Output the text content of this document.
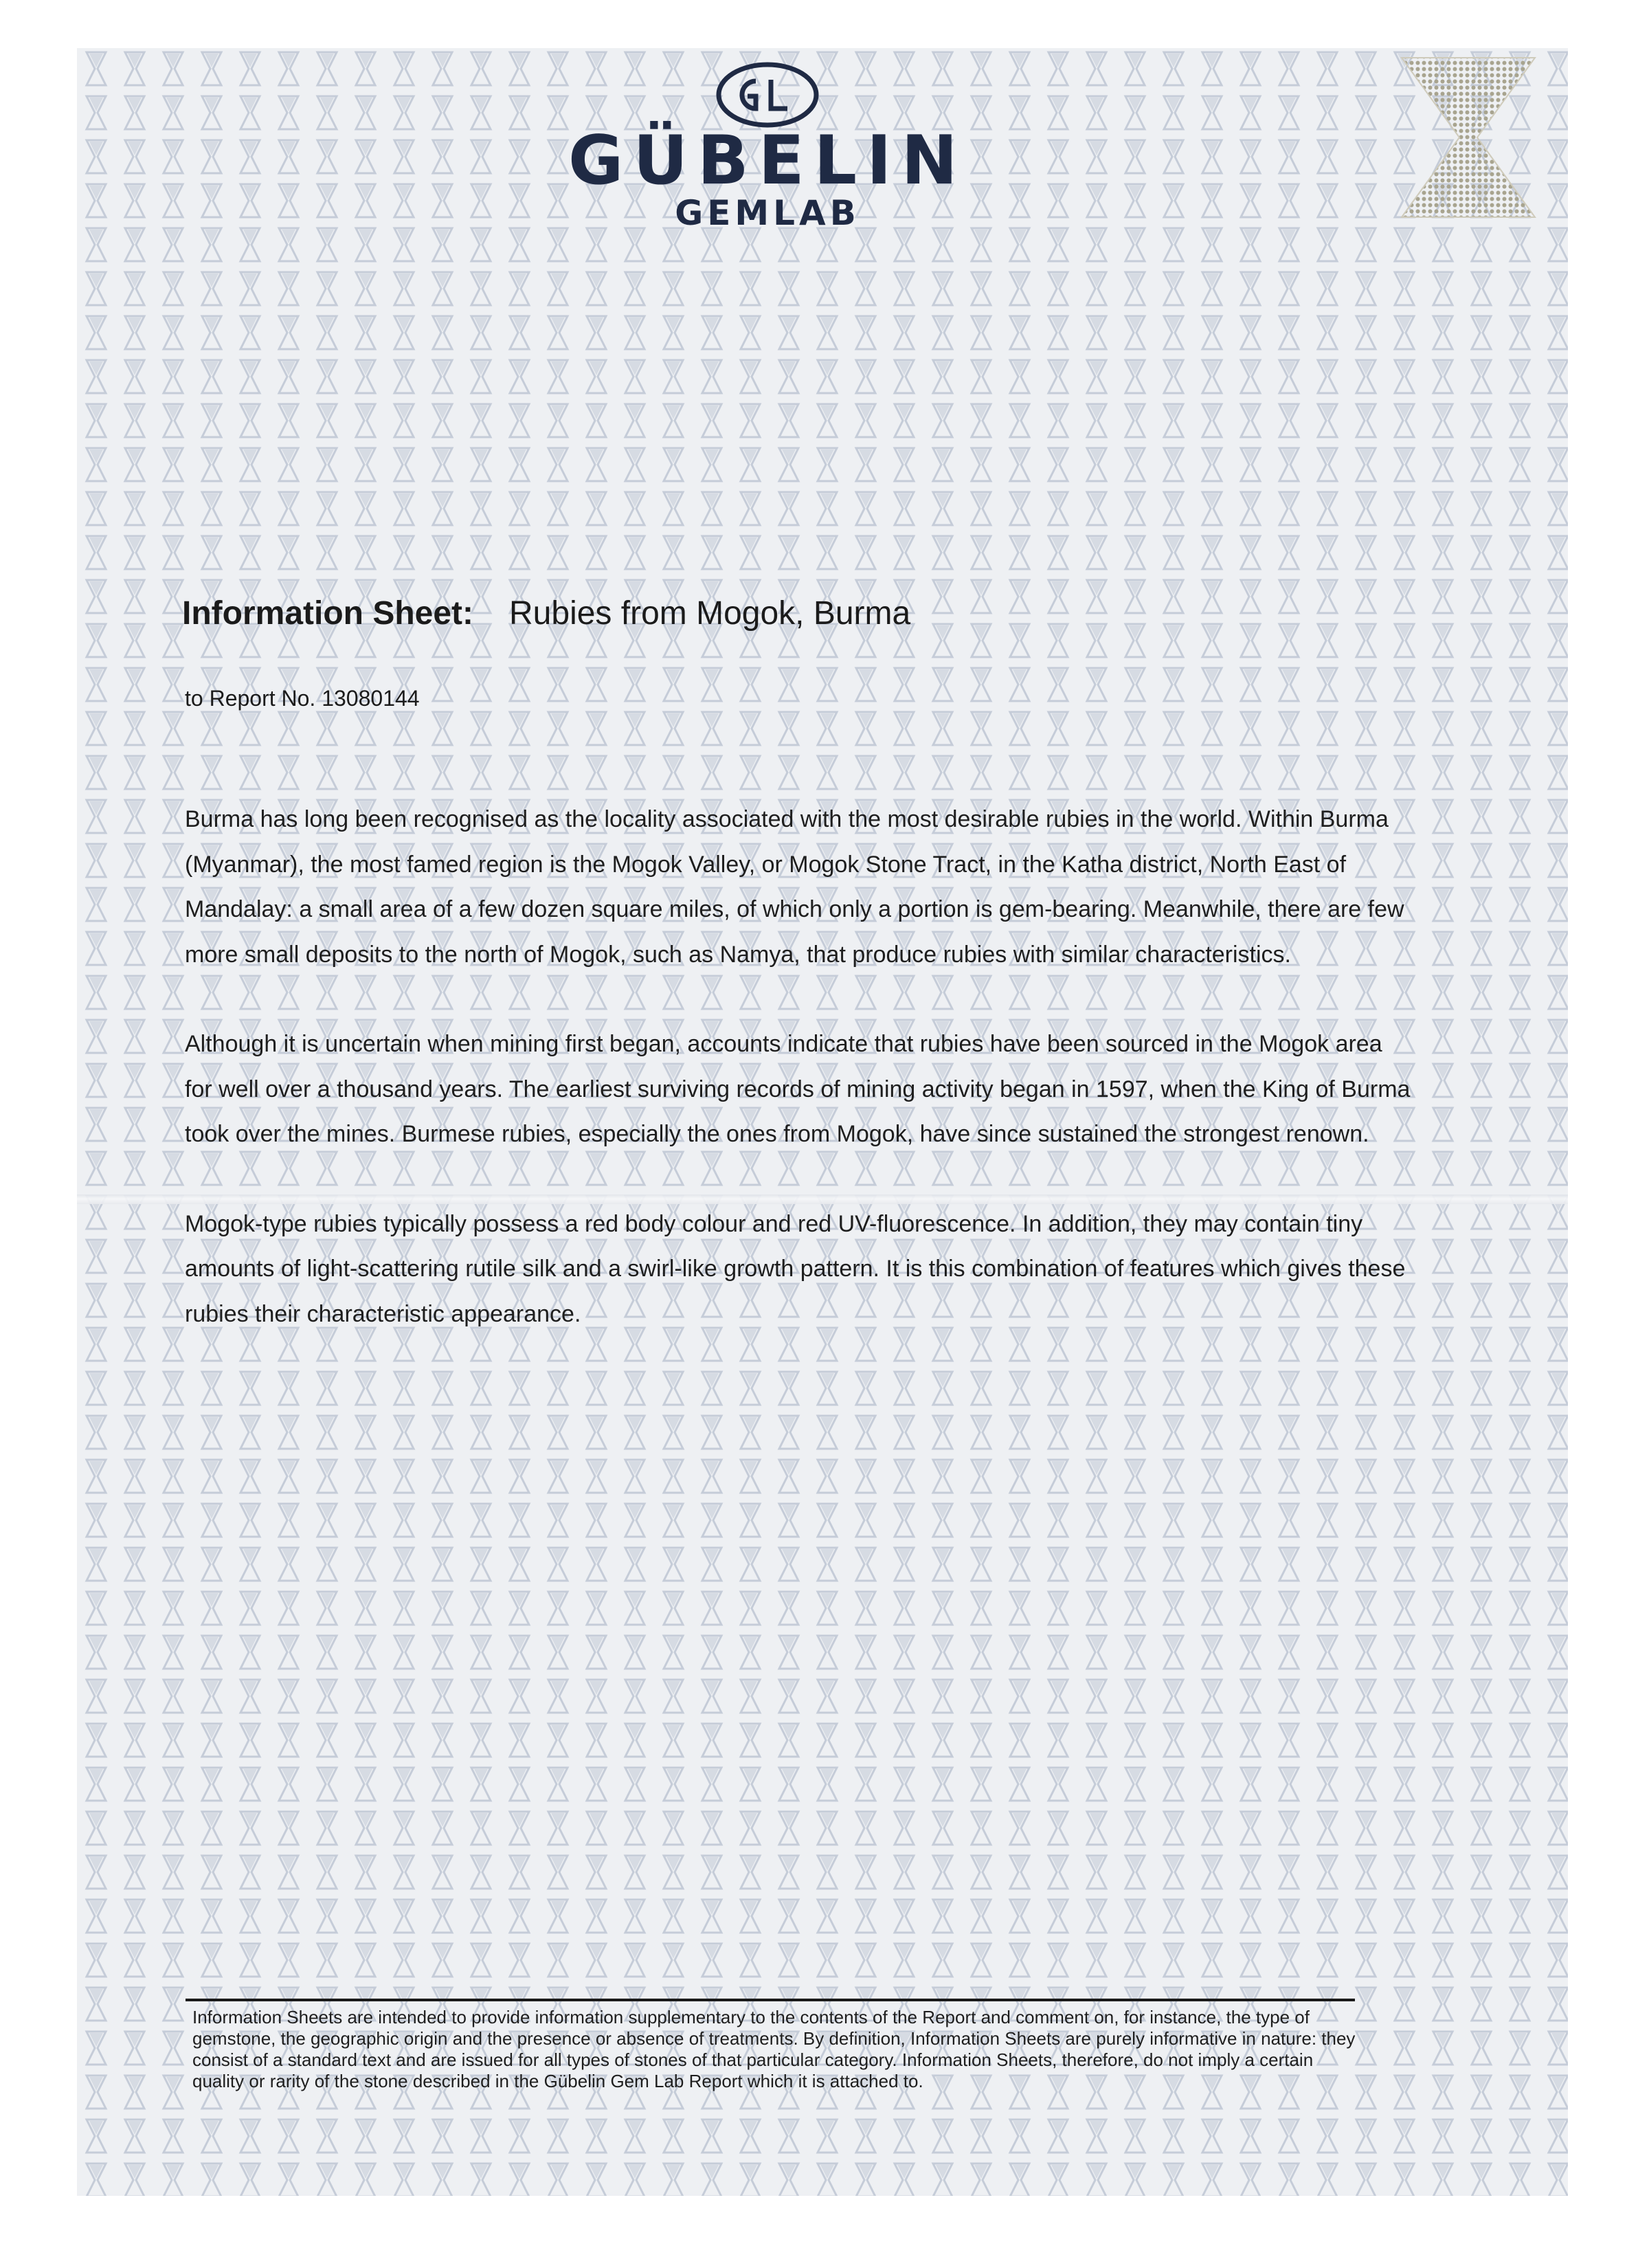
GÜBELIN
GEMLAB
Information Sheet: Rubies from Mogok, Burma
to Report No. 13080144

Burma has long been recognised as the locality associated with the most desirable rubies in the world. Within Burma (Myanmar), the most famed region is the Mogok Valley, or Mogok Stone Tract, in the Katha district, North East of Mandalay: a small area of a few dozen square miles, of which only a portion is gem-bearing. Meanwhile, there are few more small deposits to the north of Mogok, such as Namya, that produce rubies with similar characteristics.

Although it is uncertain when mining first began, accounts indicate that rubies have been sourced in the Mogok area for well over a thousand years. The earliest surviving records of mining activity began in 1597, when the King of Burma took over the mines. Burmese rubies, especially the ones from Mogok, have since sustained the strongest renown.

Mogok-type rubies typically possess a red body colour and red UV-fluorescence. In addition, they may contain tiny amounts of light-scattering rutile silk and a swirl-like growth pattern. It is this combination of features which gives these rubies their characteristic appearance.

Information Sheets are intended to provide information supplementary to the contents of the Report and comment on, for instance, the type of gemstone, the geographic origin and the presence or absence of treatments. By definition, Information Sheets are purely informative in nature: they consist of a standard text and are issued for all types of stones of that particular category. Information Sheets, therefore, do not imply a certain quality or rarity of the stone described in the Gübelin Gem Lab Report which it is attached to.
